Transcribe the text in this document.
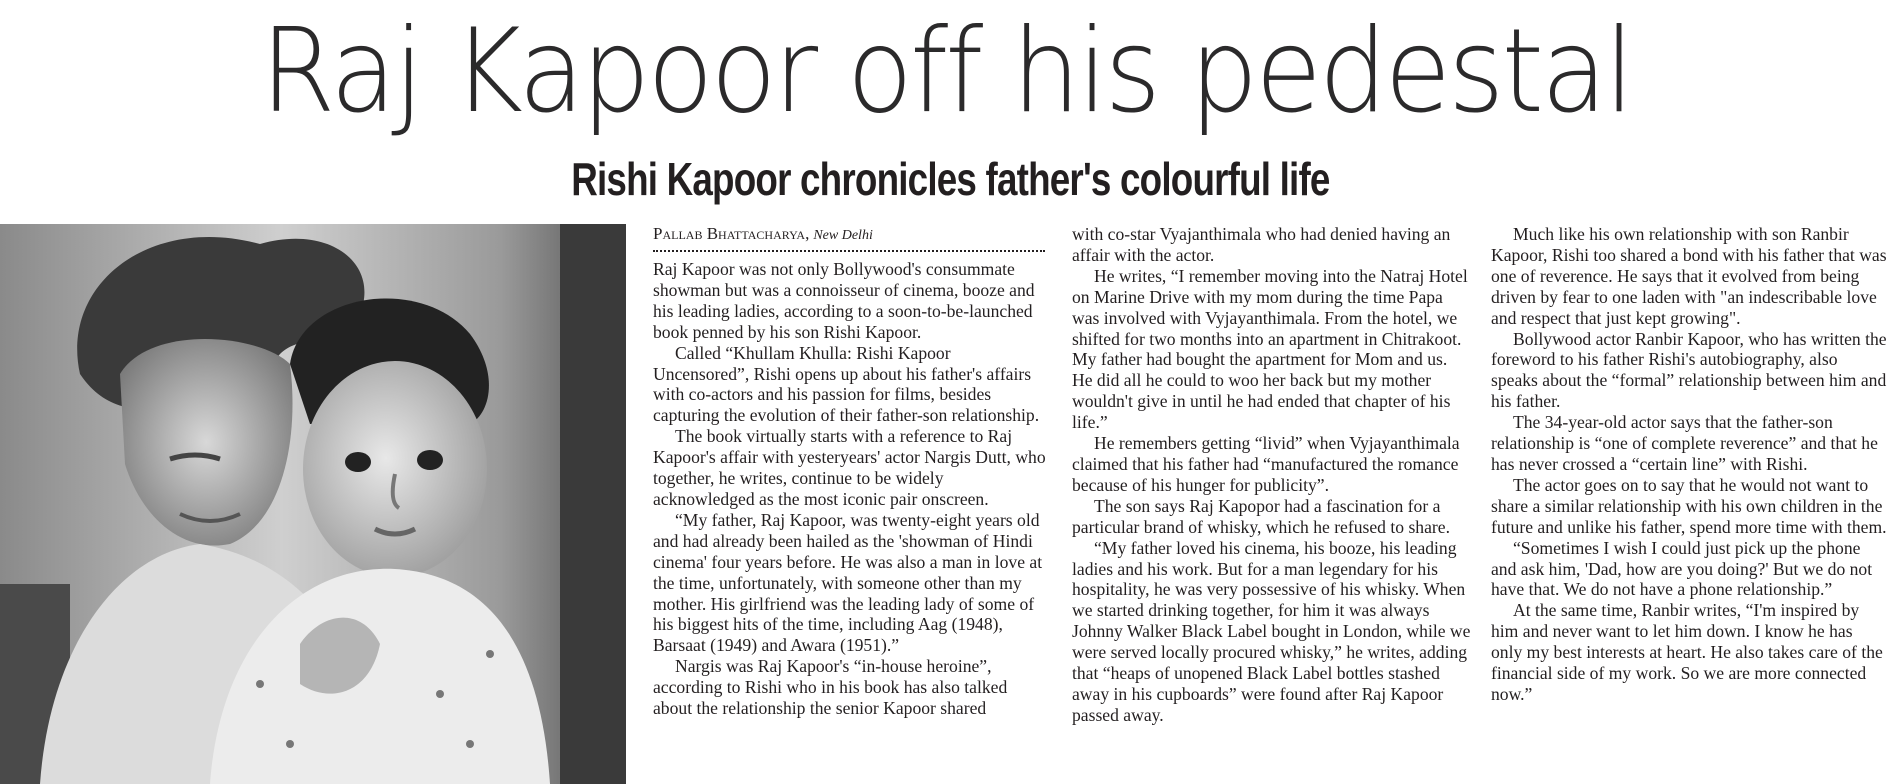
Raj Kapoor off his pedestal
Rishi Kapoor chronicles father's colourful life
Pallab Bhattacharya, New Delhi

Raj Kapoor was not only Bollywood's consummate showman but was a connoisseur of cinema, booze and his leading ladies, according to a soon-to-be-launched book penned by his son Rishi Kapoor.

Called “Khullam Khulla: Rishi Kapoor Uncensored”, Rishi opens up about his father's affairs with co-actors and his passion for films, besides capturing the evolution of their father-son relationship.

The book virtually starts with a reference to Raj Kapoor's affair with yesteryears' actor Nargis Dutt, who together, he writes, continue to be widely acknowledged as the most iconic pair onscreen.

“My father, Raj Kapoor, was twenty-eight years old and had already been hailed as the 'showman of Hindi cinema' four years before. He was also a man in love at the time, unfortunately, with someone other than my mother. His girlfriend was the leading lady of some of his biggest hits of the time, including Aag (1948), Barsaat (1949) and Awara (1951).”

Nargis was Raj Kapoor's “in-house heroine”, according to Rishi who in his book has also talked about the relationship the senior Kapoor shared

with co-star Vyajanthimala who had denied having an affair with the actor.

He writes, “I remember moving into the Natraj Hotel on Marine Drive with my mom during the time Papa was involved with Vyjayanthimala. From the hotel, we shifted for two months into an apartment in Chitrakoot. My father had bought the apartment for Mom and us. He did all he could to woo her back but my mother wouldn't give in until he had ended that chapter of his life.”

He remembers getting “livid” when Vyjayanthimala claimed that his father had “manufactured the romance because of his hunger for publicity”.

The son says Raj Kapopor had a fascination for a particular brand of whisky, which he refused to share.

“My father loved his cinema, his booze, his leading ladies and his work. But for a man legendary for his hospitality, he was very possessive of his whisky. When we started drinking together, for him it was always Johnny Walker Black Label bought in London, while we were served locally procured whisky,” he writes, adding that “heaps of unopened Black Label bottles stashed away in his cupboards” were found after Raj Kapoor passed away.

Much like his own relationship with son Ranbir Kapoor, Rishi too shared a bond with his father that was one of reverence. He says that it evolved from being driven by fear to one laden with "an indescribable love and respect that just kept growing".

Bollywood actor Ranbir Kapoor, who has written the foreword to his father Rishi's autobiography, also speaks about the “formal” relationship between him and his father.

The 34-year-old actor says that the father-son relationship is “one of complete reverence” and that he has never crossed a “certain line” with Rishi.

The actor goes on to say that he would not want to share a similar relationship with his own children in the future and unlike his father, spend more time with them.

“Sometimes I wish I could just pick up the phone and ask him, 'Dad, how are you doing?' But we do not have that. We do not have a phone relationship.”

At the same time, Ranbir writes, “I'm inspired by him and never want to let him down. I know he has only my best interests at heart. He also takes care of the financial side of my work. So we are more connected now.”
